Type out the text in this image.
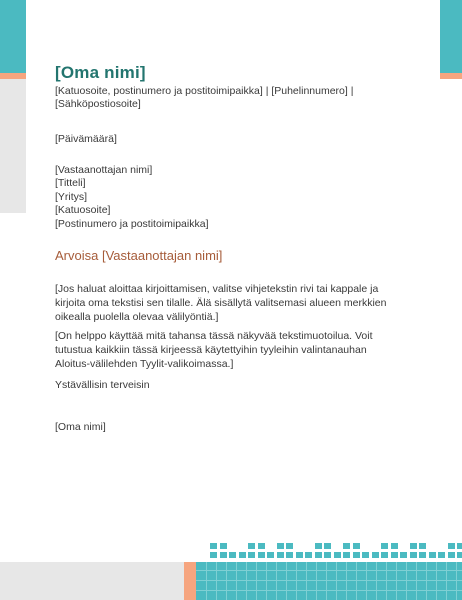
[Oma nimi]

[Katuosoite, postinumero ja postitoimipaikka] | [Puhelinnumero] |

[Sähköpostiosoite]

[Päivämäärä]

[Vastaanottajan nimi]

[Titteli]

[Yritys]

[Katuosoite]

[Postinumero ja postitoimipaikka]

Arvoisa [Vastaanottajan nimi]

[Jos haluat aloittaa kirjoittamisen, valitse vihjetekstin rivi tai kappale ja kirjoita oma tekstisi sen tilalle. Älä sisällytä valitsemasi alueen merkkien oikealla puolella olevaa välilyöntiä.]

[On helppo käyttää mitä tahansa tässä näkyvää tekstimuotoilua. Voit tutustua kaikkiin tässä kirjeessä käytettyihin tyyleihin valintanauhan Aloitus-välilehden Tyylit-valikoimassa.]

Ystävällisin terveisin

[Oma nimi]
